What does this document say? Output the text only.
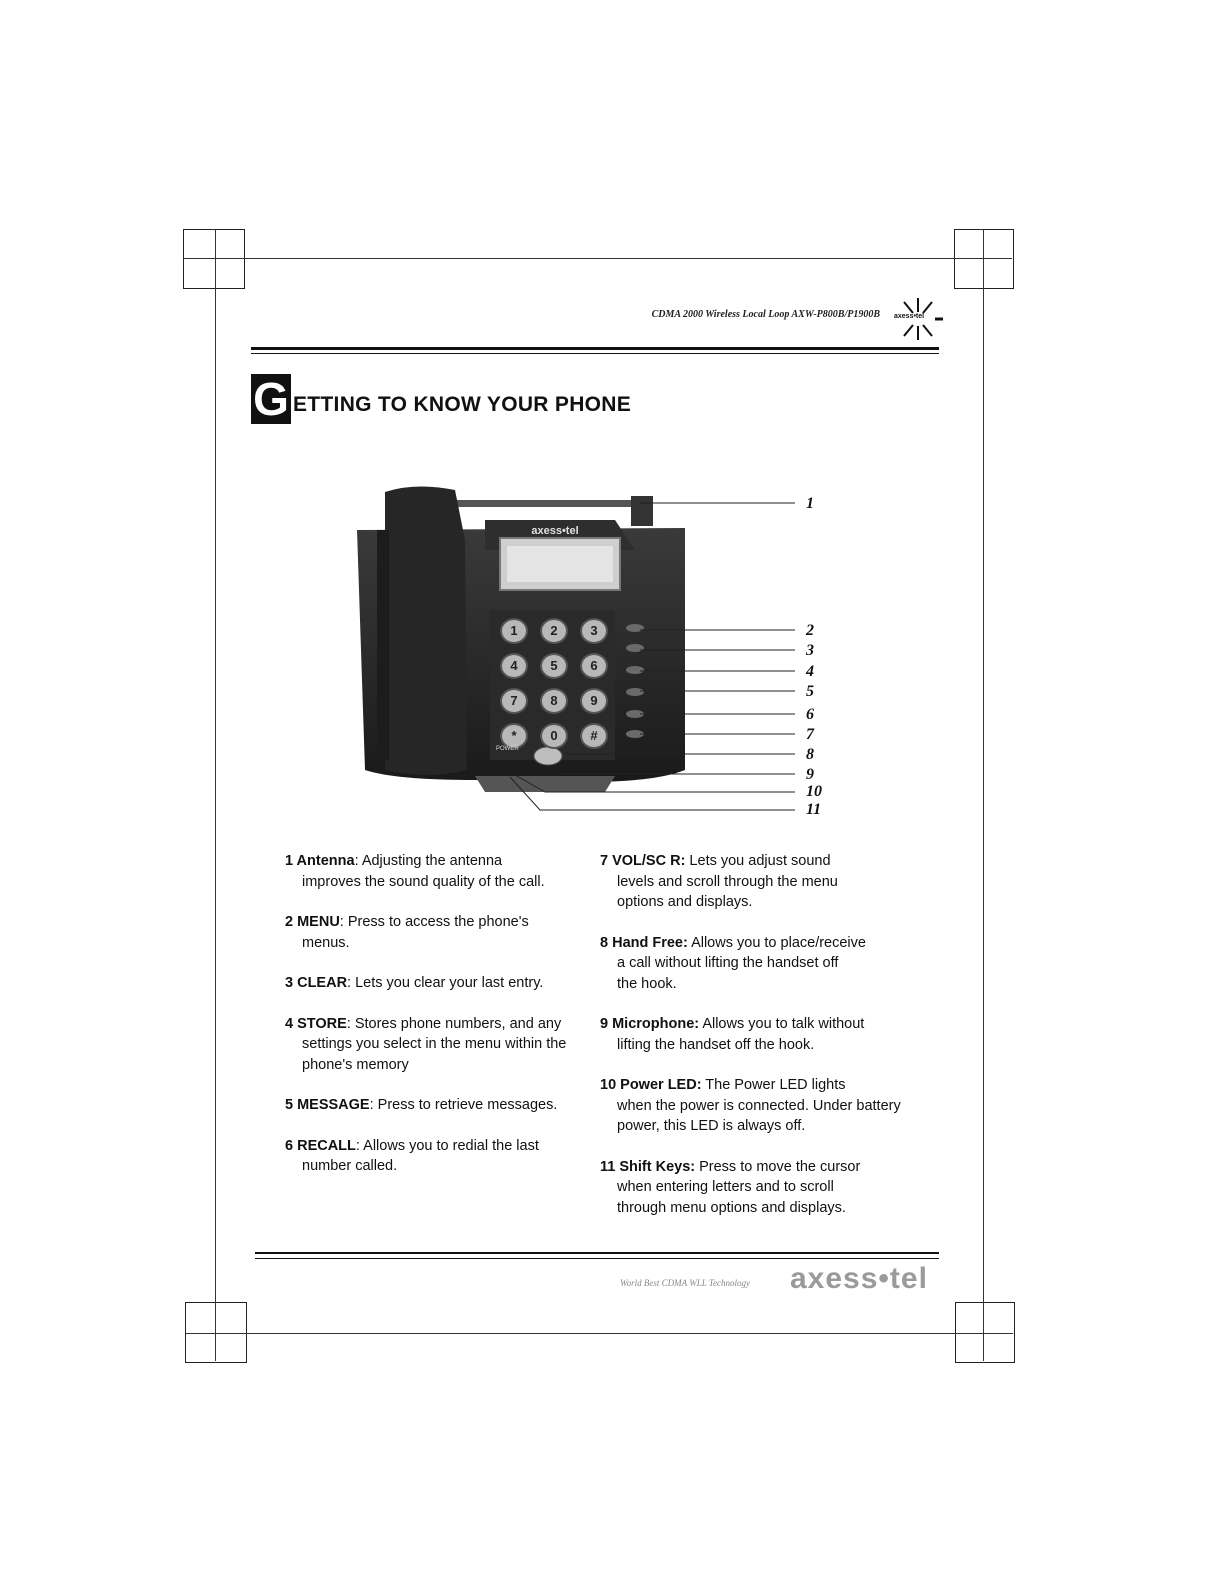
CDMA 2000 Wireless Local Loop AXW-P800B/P1900B axess•tel
G ETTING TO KNOW YOUR PHONE
axess•tel
1	2	3
4	5	6
7	8	9
*	0	#
POWER
1
2
3
4
5
6
7
8
9
10
11
1 Antenna: Adjusting the antenna
improves the sound quality of the call.
2 MENU: Press to access the phone's
menus.
3 CLEAR: Lets you clear your last entry.
4 STORE: Stores phone numbers, and any
settings you select in the menu within the
phone's memory
5 MESSAGE: Press to retrieve messages.
6 RECALL: Allows you to redial the last
number called.
7 VOL/SC R: Lets you adjust sound
levels and scroll through the menu
options and displays.
8 Hand Free: Allows you to place/receive
a call without lifting the handset off
the hook.
9 Microphone: Allows you to talk without
lifting the handset off the hook.
10 Power LED: The Power LED lights
when the power is connected. Under battery
power, this LED is always off.
11 Shift Keys: Press to move the cursor
when entering letters and to scroll
through menu options and displays.
World Best CDMA WLL Technology axess•tel
